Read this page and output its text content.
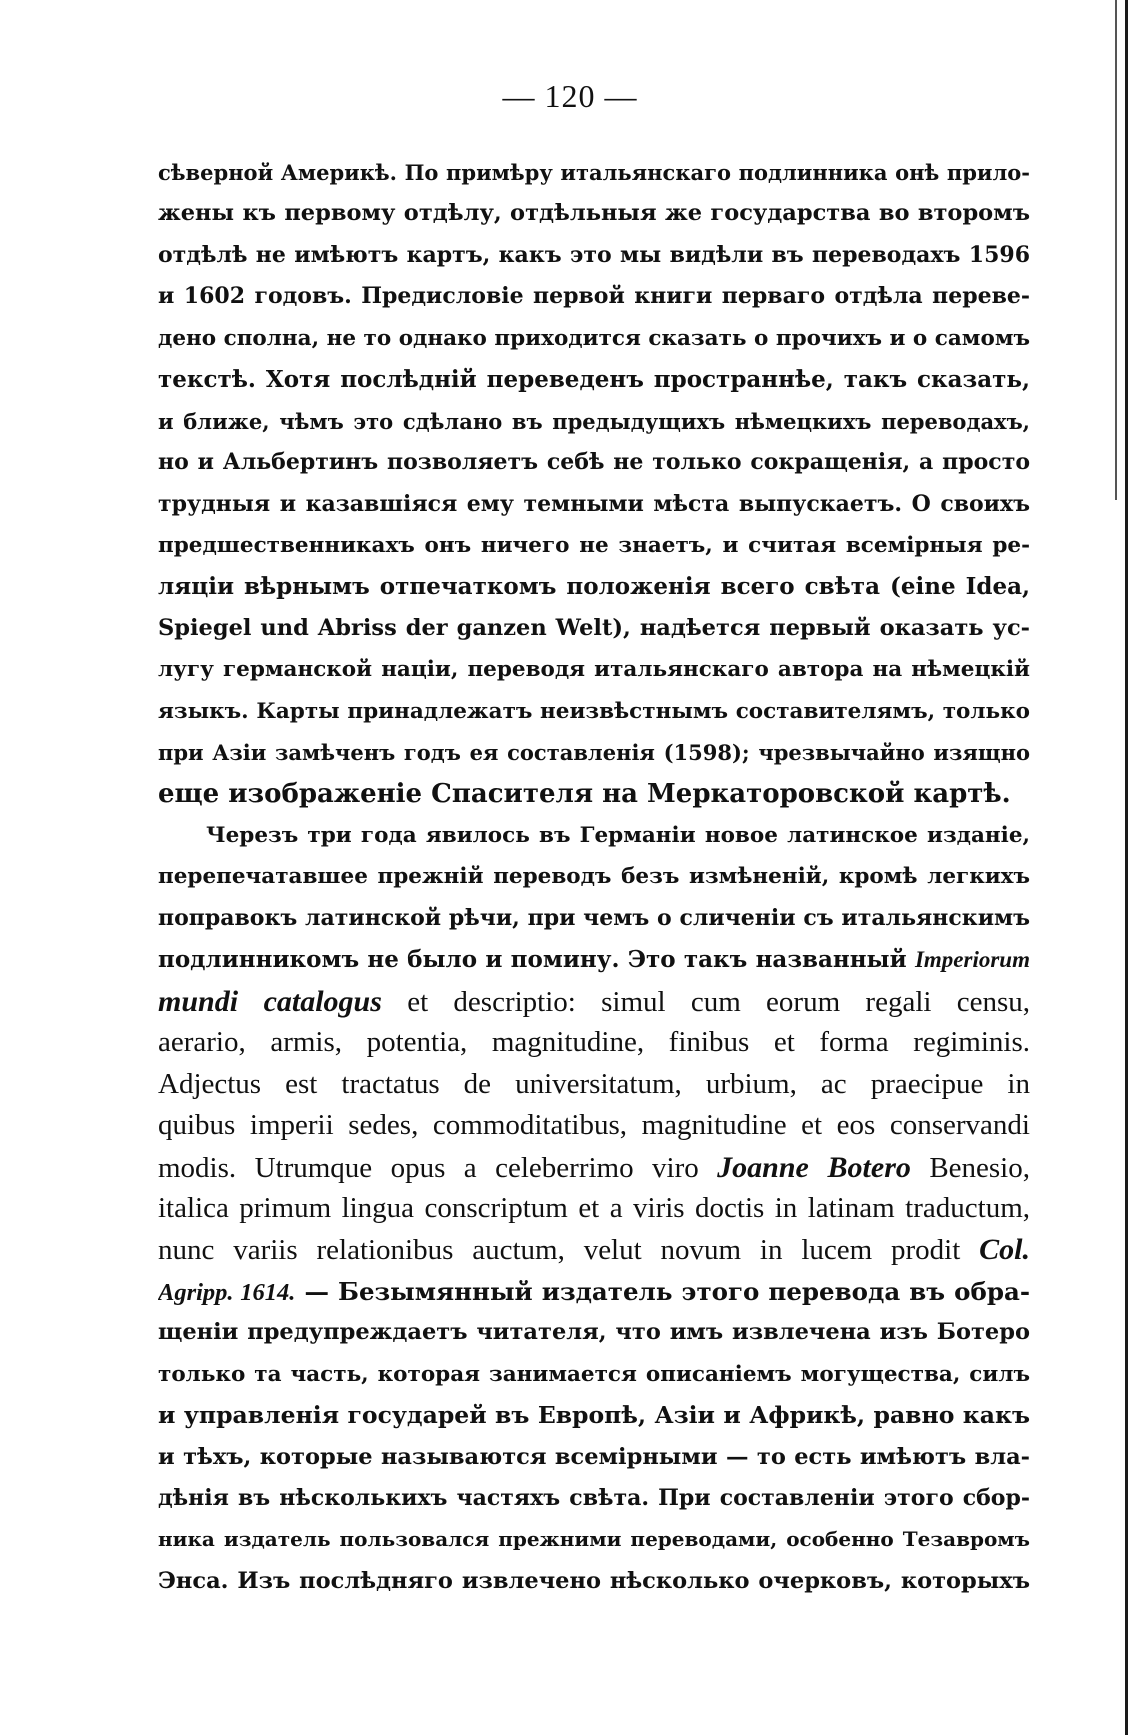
— 120 —
сѣверной Америкѣ. По примѣру итальянскаго подлинника онѣ прило-
жены къ первому отдѣлу, отдѣльныя же государства во второмъ
отдѣлѣ не имѣютъ картъ, какъ это мы видѣли въ переводахъ 1596
и 1602 годовъ. Предисловіе первой книги перваго отдѣла переве-
дено сполна, не то однако приходится сказать о прочихъ и о самомъ
текстѣ. Хотя послѣдній переведенъ пространнѣе, такъ сказать,
и ближе, чѣмъ это сдѣлано въ предыдущихъ нѣмецкихъ переводахъ,
но и Альбертинъ позволяетъ себѣ не только сокращенія, а просто
трудныя и казавшіяся ему темными мѣста выпускаетъ. О своихъ
предшественникахъ онъ ничего не знаетъ, и считая всемірныя ре-
ляціи вѣрнымъ отпечаткомъ положенія всего свѣта (eine Idea,
Spiegel und Abriss der ganzen Welt), надѣется первый оказать ус-
лугу германской націи, переводя итальянскаго автора на нѣмецкій
языкъ. Карты принадлежатъ неизвѣстнымъ составителямъ, только
при Азіи замѣченъ годъ ея составленія (1598); чрезвычайно изящно
еще изображеніе Спасителя на Меркаторовской картѣ.
Черезъ три года явилось въ Германіи новое латинское изданіе,
перепечатавшее прежній переводъ безъ измѣненій, кромѣ легкихъ
поправокъ латинской рѣчи, при чемъ о сличеніи съ итальянскимъ
подлинникомъ не было и помину. Это такъ названный Imperiorum
mundi catalogus et descriptio: simul cum eorum regali censu,
aerario, armis, potentia, magnitudine, finibus et forma regiminis.
Adjectus est tractatus de universitatum, urbium, ac praecipue in
quibus imperii sedes, commoditatibus, magnitudine et eos conservandi
modis. Utrumque opus a celeberrimo viro Joanne Botero Benesio,
italica primum lingua conscriptum et a viris doctis in latinam traductum,
nunc variis relationibus auctum, velut novum in lucem prodit Col.
Agripp. 1614. — Безымянный издатель этого перевода въ обра-
щеніи предупреждаетъ читателя, что имъ извлечена изъ Ботеро
только та часть, которая занимается описаніемъ могущества, силъ
и управленія государей въ Европѣ, Азіи и Африкѣ, равно какъ
и тѣхъ, которые называются всемірными — то есть имѣютъ вла-
дѣнія въ нѣсколькихъ частяхъ свѣта. При составленіи этого сбор-
ника издатель пользовался прежними переводами, особенно Тезавромъ
Энса. Изъ послѣдняго извлечено нѣсколько очерковъ, которыхъ
